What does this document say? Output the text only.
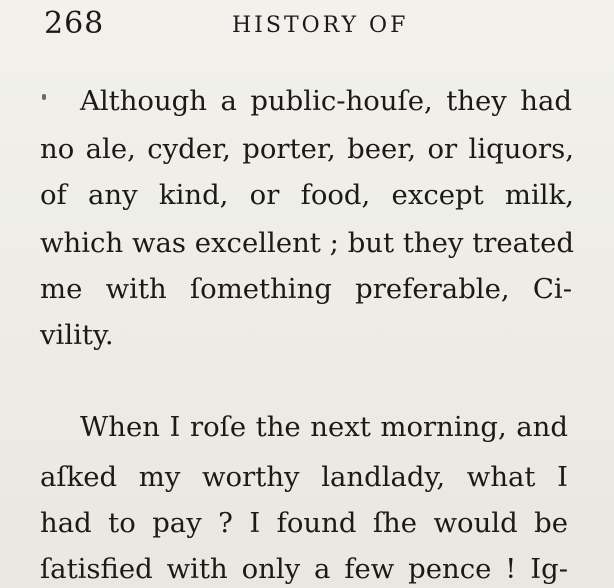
268	HISTORY OF

Although a public-houſe, they had

no ale, cyder, porter, beer, or liquors,

of any kind, or food, except milk,

which was excellent ; but they treated

me with ſomething preferable, Ci-

vility.

When I roſe the next morning, and

aſked my worthy landlady, what I

had to pay ? I found ſhe would be

ſatisfied with only a few pence ! Ig-
